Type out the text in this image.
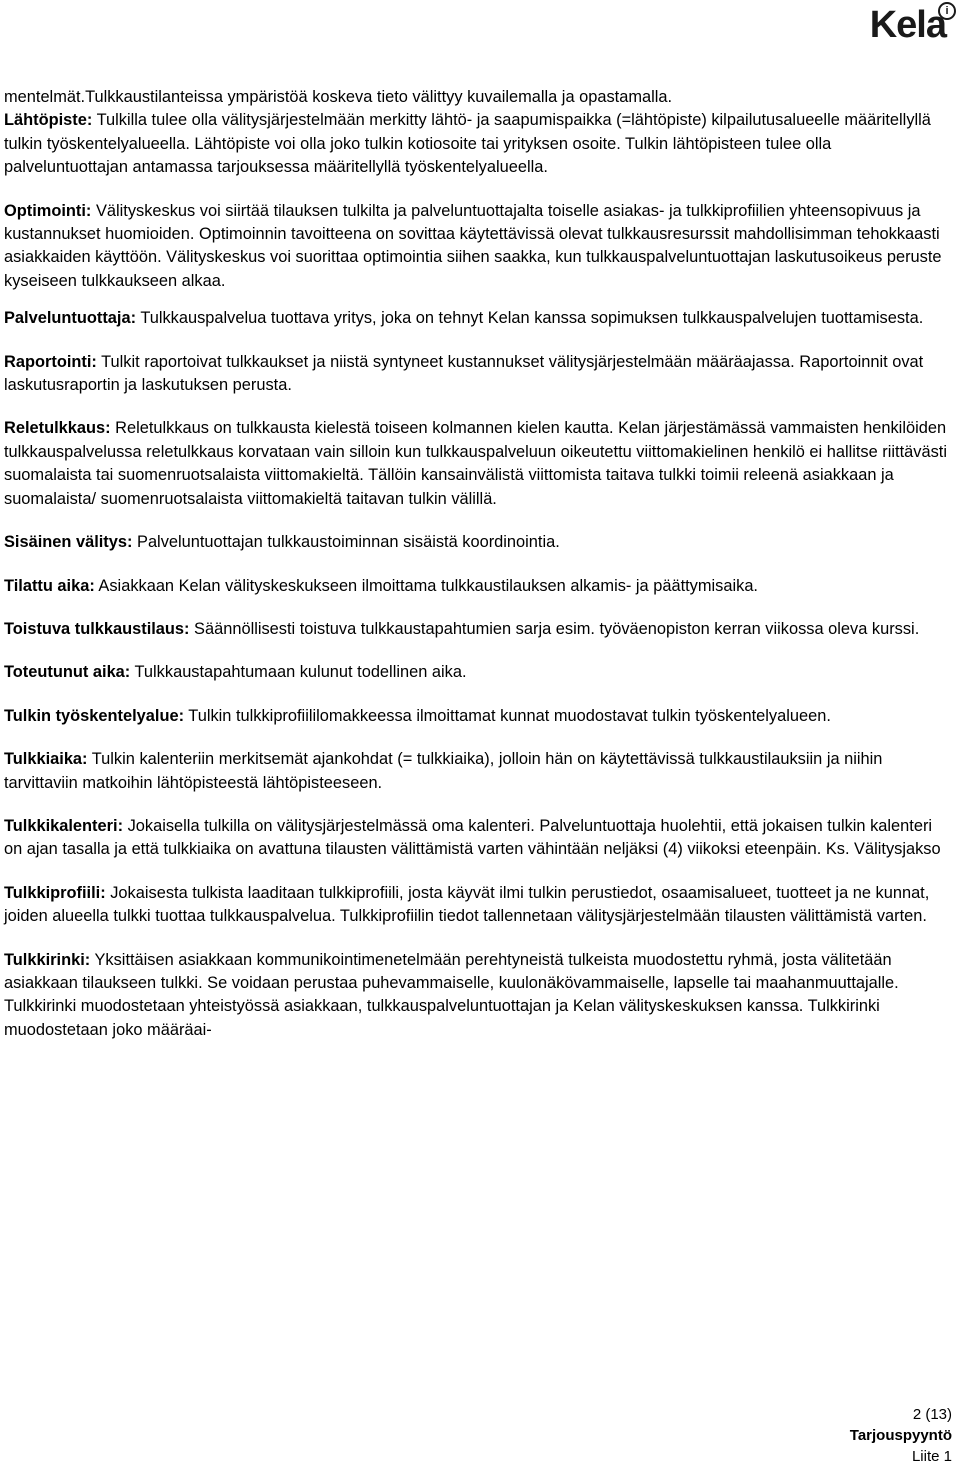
Kela i

mentelmät.Tulkkaustilanteissa ympäristöä koskeva tieto välittyy kuvailemalla ja opastamalla.

Lähtöpiste: Tulkilla tulee olla välitysjärjestelmään merkitty lähtö- ja saapumispaikka (=lähtöpiste) kilpailutusalueelle määritellyllä tulkin työskentelyalueella. Lähtöpiste voi olla joko tulkin kotiosoite tai yrityksen osoite. Tulkin lähtöpisteen tulee olla palveluntuottajan antamassa tarjouksessa määritellyllä työskentelyalueella.

Optimointi: Välityskeskus voi siirtää tilauksen tulkilta ja palveluntuottajalta toiselle asiakas- ja tulkkiprofiilien yhteensopivuus ja kustannukset huomioiden. Optimoinnin tavoitteena on sovittaa käytettävissä olevat tulkkausresurssit mahdollisimman tehokkaasti asiakkaiden käyttöön. Välityskeskus voi suorittaa optimointia siihen saakka, kun tulkkauspalveluntuottajan laskutusoikeus peruste kyseiseen tulkkaukseen alkaa.

Palveluntuottaja: Tulkkauspalvelua tuottava yritys, joka on tehnyt Kelan kanssa sopimuksen tulkkauspalvelujen tuottamisesta.

Raportointi: Tulkit raportoivat tulkkaukset ja niistä syntyneet kustannukset välitysjärjestelmään määräajassa. Raportoinnit ovat laskutusraportin ja laskutuksen perusta.

Reletulkkaus: Reletulkkaus on tulkkausta kielestä toiseen kolmannen kielen kautta. Kelan järjestämässä vammaisten henkilöiden tulkkauspalvelussa reletulkkaus korvataan vain silloin kun tulkkauspalveluun oikeutettu viittomakielinen henkilö ei hallitse riittävästi suomalaista tai suomenruotsalaista viittomakieltä. Tällöin kansainvälistä viittomista taitava tulkki toimii releenä asiakkaan ja suomalaista/ suomenruotsalaista viittomakieltä taitavan tulkin välillä.

Sisäinen välitys: Palveluntuottajan tulkkaustoiminnan sisäistä koordinointia.

Tilattu aika: Asiakkaan Kelan välityskeskukseen ilmoittama tulkkaustilauksen alkamis- ja päättymisaika.

Toistuva tulkkaustilaus: Säännöllisesti toistuva tulkkaustapahtumien sarja esim. työväenopiston kerran viikossa oleva kurssi.

Toteutunut aika: Tulkkaustapahtumaan kulunut todellinen aika.

Tulkin työskentelyalue: Tulkin tulkkiprofiililomakkeessa ilmoittamat kunnat muodostavat tulkin työskentelyalueen.

Tulkkiaika: Tulkin kalenteriin merkitsemät ajankohdat (= tulkkiaika), jolloin hän on käytettävissä tulkkaustilauksiin ja niihin tarvittaviin matkoihin lähtöpisteestä lähtöpisteeseen.

Tulkkikalenteri: Jokaisella tulkilla on välitysjärjestelmässä oma kalenteri. Palveluntuottaja huolehtii, että jokaisen tulkin kalenteri on ajan tasalla ja että tulkkiaika on avattuna tilausten välittämistä varten vähintään neljäksi (4) viikoksi eteenpäin. Ks. Välitysjakso

Tulkkiprofiili: Jokaisesta tulkista laaditaan tulkkiprofiili, josta käyvät ilmi tulkin perustiedot, osaamisalueet, tuotteet ja ne kunnat, joiden alueella tulkki tuottaa tulkkauspalvelua. Tulkkiprofiilin tiedot tallennetaan välitysjärjestelmään tilausten välittämistä varten.

Tulkkirinki: Yksittäisen asiakkaan kommunikointimenetelmään perehtyneistä tulkeista muodostettu ryhmä, josta välitetään asiakkaan tilaukseen tulkki. Se voidaan perustaa puhevammaiselle, kuulonäkövammaiselle, lapselle tai maahanmuuttajalle. Tulkkirinki muodostetaan yhteistyössä asiakkaan, tulkkauspalveluntuottajan ja Kelan välityskeskuksen kanssa. Tulkkirinki muodostetaan joko määräai-

2 (13)
Tarjouspyyntö
Liite 1
